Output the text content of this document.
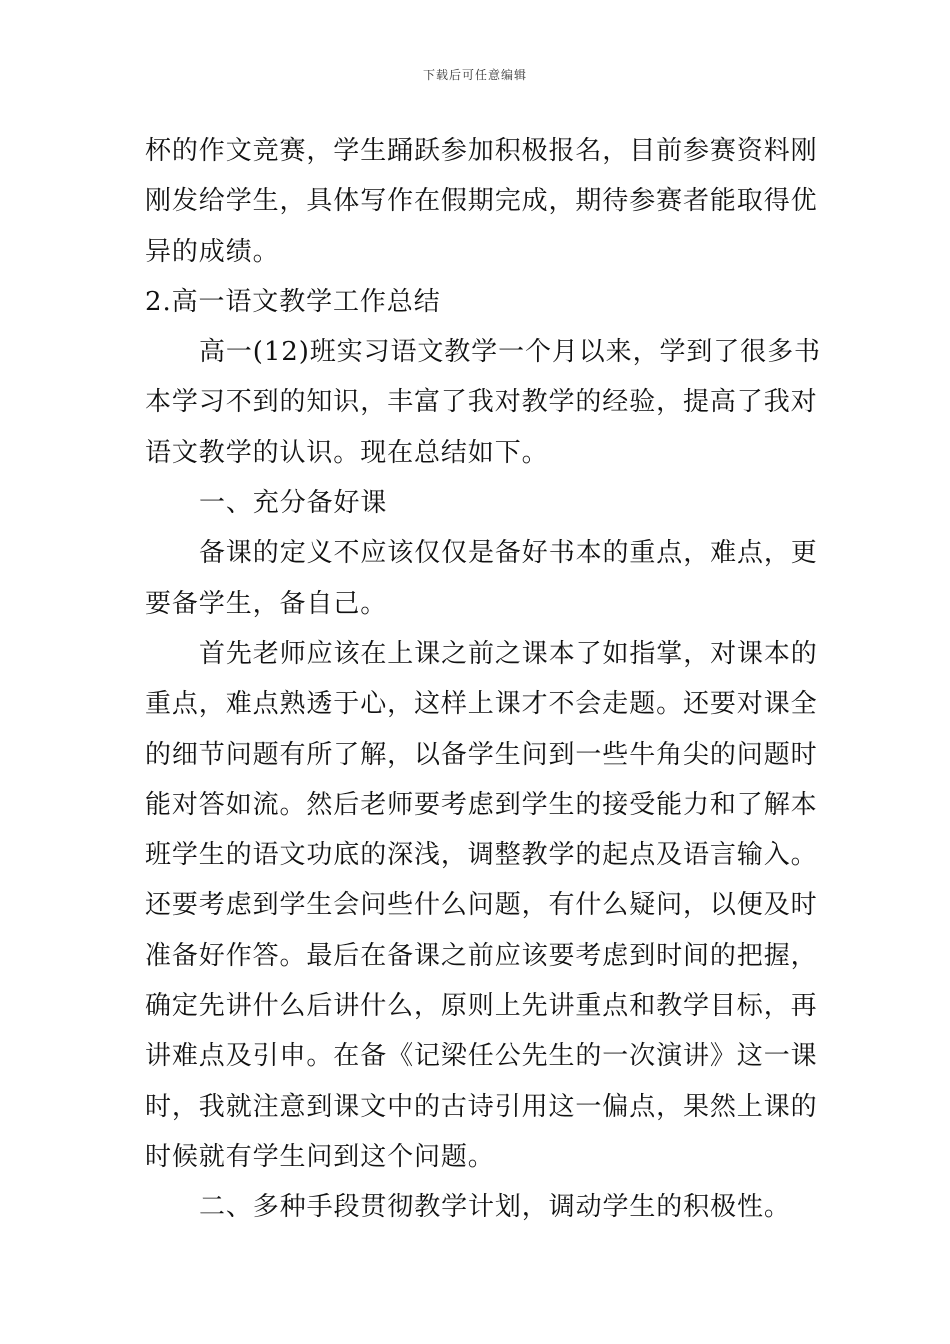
下载后可任意编辑
杯的作文竞赛，学生踊跃参加积极报名，目前参赛资料刚
刚发给学生，具体写作在假期完成，期待参赛者能取得优
异的成绩。
2.高一语文教学工作总结
高一(12)班实习语文教学一个月以来，学到了很多书
本学习不到的知识，丰富了我对教学的经验，提高了我对
语文教学的认识。现在总结如下。
一、充分备好课
备课的定义不应该仅仅是备好书本的重点，难点，更
要备学生，备自己。
首先老师应该在上课之前之课本了如指掌，对课本的
重点，难点熟透于心，这样上课才不会走题。还要对课全
的细节问题有所了解，以备学生问到一些牛角尖的问题时
能对答如流。然后老师要考虑到学生的接受能力和了解本
班学生的语文功底的深浅，调整教学的起点及语言输入。
还要考虑到学生会问些什么问题，有什么疑问，以便及时
准备好作答。最后在备课之前应该要考虑到时间的把握，
确定先讲什么后讲什么，原则上先讲重点和教学目标，再
讲难点及引申。在备《记梁任公先生的一次演讲》这一课
时，我就注意到课文中的古诗引用这一偏点，果然上课的
时候就有学生问到这个问题。
二、多种手段贯彻教学计划，调动学生的积极性。
